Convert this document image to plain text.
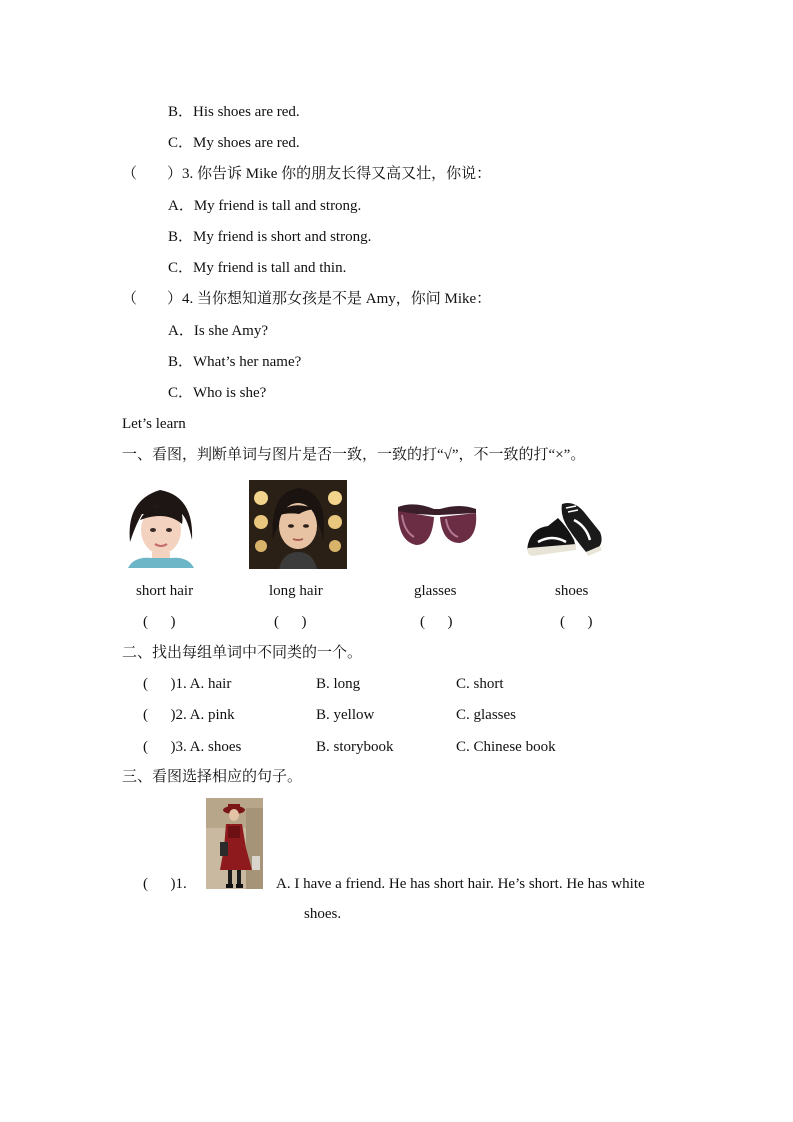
B．His shoes are red.
C．My shoes are red.
（　　）3. 你告诉 Mike 你的朋友长得又高又壮，你说：
A．My friend is tall and strong.
B．My friend is short and strong.
C．My friend is tall and thin.
（　　）4. 当你想知道那女孩是不是 Amy，你问 Mike：
A．Is she Amy?
B．What’s her name?
C．Who is she?
Let’s learn
一、看图，判断单词与图片是否一致，一致的打“√”，不一致的打“×”。
short hair	long hair	glasses	shoes
(      )	(      )	(      )	(      )
二、找出每组单词中不同类的一个。
(      )1. A. hair	B. long	C. short
(      )2. A. pink	B. yellow	C. glasses
(      )3. A. shoes	B. storybook	C. Chinese book
三、看图选择相应的句子。
(      )1.	A. I have a friend. He has short hair. He’s short. He has white
shoes.
